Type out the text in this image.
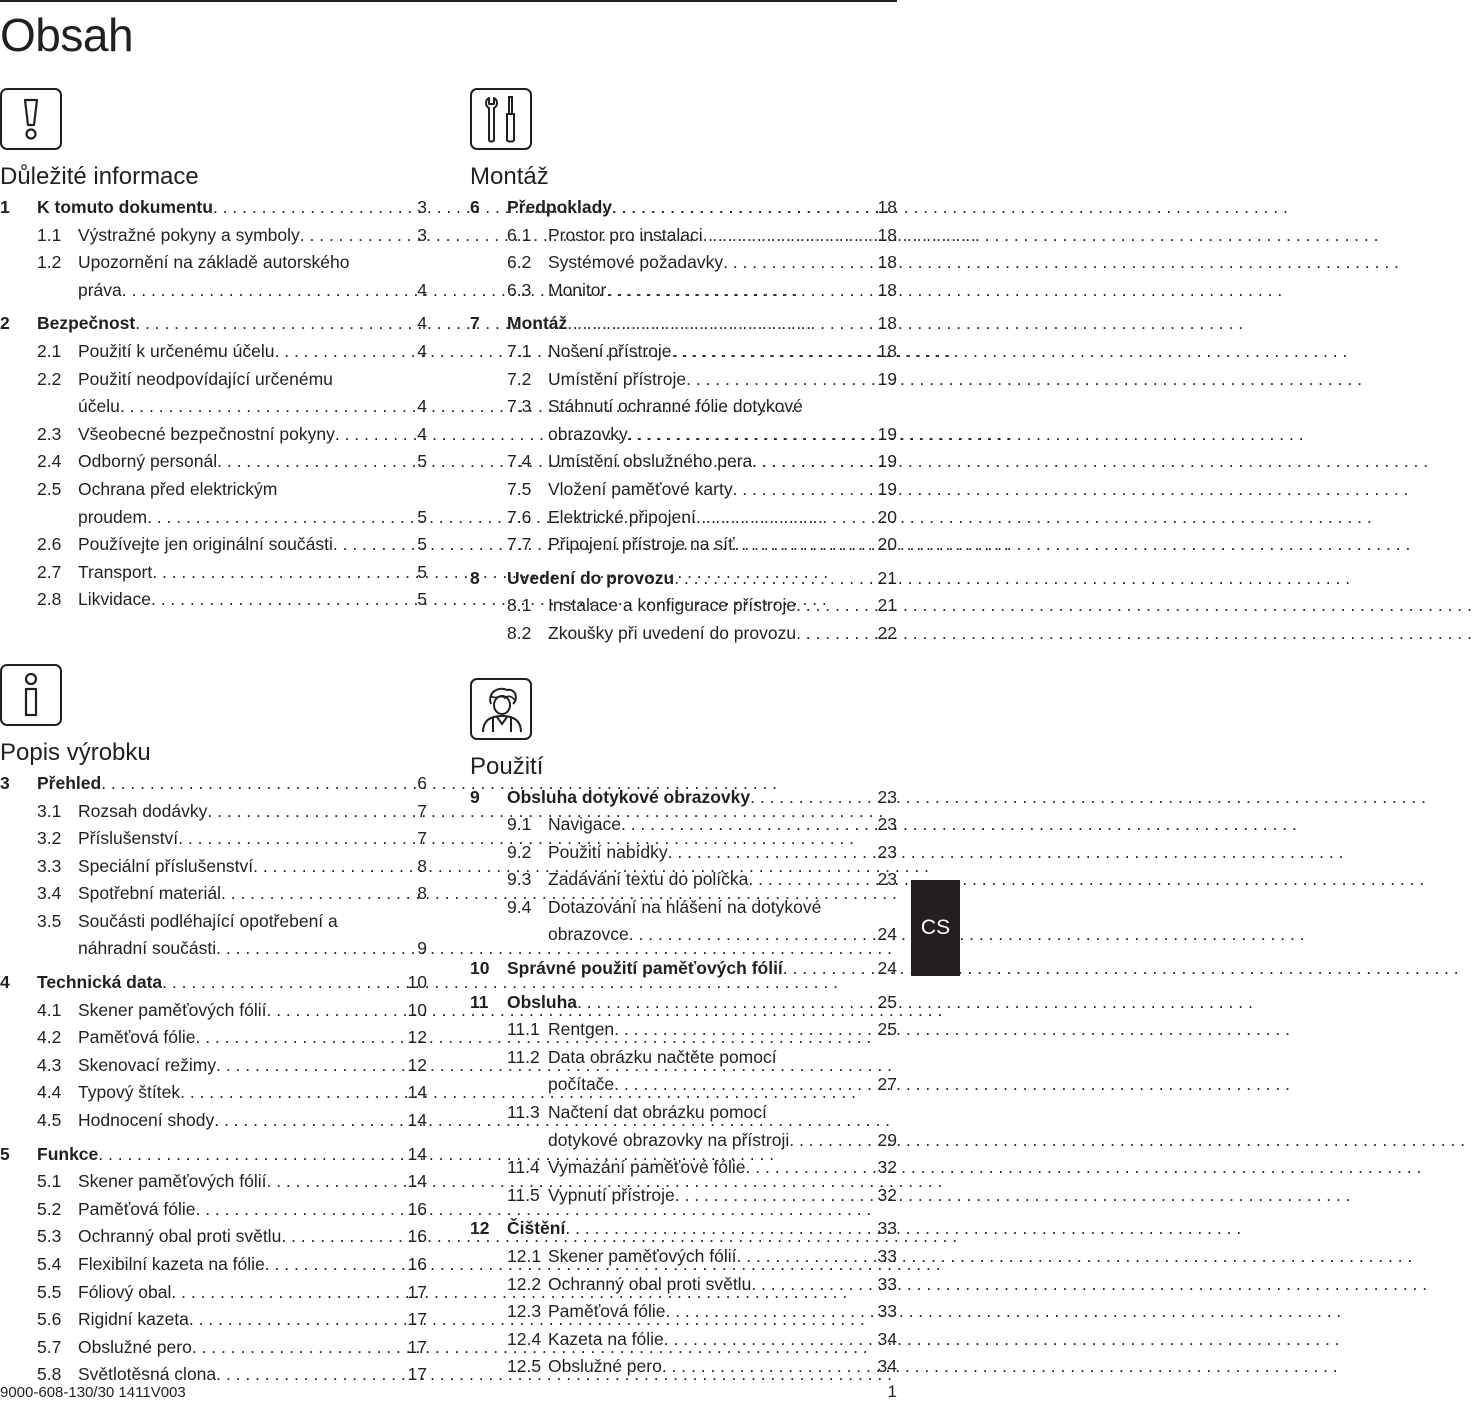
Obsah
Důležité informace
1	K tomuto dokumentu . . .	3
1.1 Výstražné pokyny a symboly . . .	3
1.2 Upozornění na základě autorského
práva . . .	4
2	Bezpečnost . . .	4
2.1 Použití k určenému účelu . . .	4
2.2 Použití neodpovídající určenému
účelu . . .	4
2.3 Všeobecné bezpečnostní pokyny . . .	4
2.4 Odborný personál . . .	5
2.5 Ochrana před elektrickým
proudem . . .	5
2.6 Používejte jen originální součásti . . .	5
2.7 Transport . . .	5
2.8 Likvidace . . .	5
Popis výrobku
3	Přehled . . .	6
3.1 Rozsah dodávky . . .	7
3.2 Příslušenství . . .	7
3.3 Speciální příslušenství . . .	8
3.4 Spotřební materiál . . .	8
3.5 Součásti podléhající opotřebení a
náhradní součásti . . .	9
4	Technická data . . .	10
4.1 Skener paměťových fólií . . .	10
4.2 Paměťová fólie . . .	12
4.3 Skenovací režimy . . .	12
4.4 Typový štítek . . .	14
4.5 Hodnocení shody . . .	14
5	Funkce . . .	14
5.1 Skener paměťových fólií . . .	14
5.2 Paměťová fólie . . .	16
5.3 Ochranný obal proti světlu . . .	16
5.4 Flexibilní kazeta na fólie . . .	16
5.5 Fóliový obal . . .	17
5.6 Rigidní kazeta . . .	17
5.7 Obslužné pero . . .	17
5.8 Světlotěsná clona . . .	17
Montáž
6	Předpoklady . . .	18
6.1 Prostor pro instalaci . . .	18
6.2 Systémové požadavky . . .	18
6.3 Monitor . . .	18
7	Montáž . . .	18
7.1 Nošení přístroje . . .	18
7.2 Umístění přístroje . . .	19
7.3 Stáhnutí ochranné fólie dotykové
obrazovky . . .	19
7.4 Umístění obslužného pera . . .	19
7.5 Vložení paměťové karty . . .	19
7.6 Elektrické připojení . . .	20
7.7 Připojení přístroje na síť . . .	20
8	Uvedení do provozu . . .	21
8.1 Instalace a konfigurace přístroje . . .	21
8.2 Zkoušky při uvedení do provozu . . .	22
Použití
9	Obsluha dotykové obrazovky . . .	23
9.1 Navigace . . .	23
9.2 Použití nabídky . . .	23
9.3 Zadávání textu do políčka . . .	23
9.4 Dotazování na hlášení na dotykové
obrazovce . . .	24
10	Správné použití paměťových fólií . . .	24
11	Obsluha . . .	25
11.1 Rentgen . . .	25
11.2 Data obrázku načtěte pomocí
počítače . . .	27
11.3 Načtení dat obrázku pomocí
dotykové obrazovky na přístroji . . .	29
11.4 Vymazání paměťové fólie . . .	32
11.5 Vypnutí přístroje . . .	32
12	Čištění . . .	33
12.1 Skener paměťových fólií . . .	33
12.2 Ochranný obal proti světlu . . .	33
12.3 Paměťová fólie . . .	33
12.4 Kazeta na fólie . . .	34
12.5 Obslužné pero . . .	34
CS
9000-608-130/30 1411V003	1
